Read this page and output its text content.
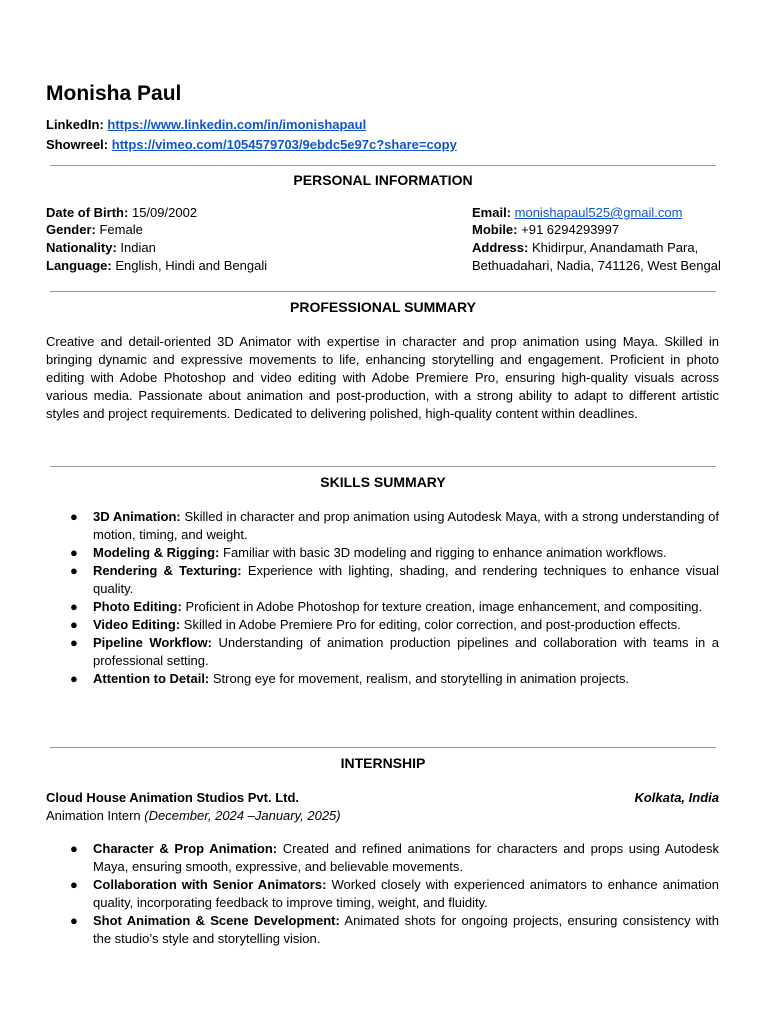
Monisha Paul
LinkedIn: https://www.linkedin.com/in/imonishapaul
Showreel: https://vimeo.com/1054579703/9ebdc5e97c?share=copy
PERSONAL INFORMATION
Date of Birth: 15/09/2002
Gender: Female
Nationality: Indian
Language: English, Hindi and Bengali
Email: monishapaul525@gmail.com
Mobile: +91 6294293997
Address: Khidirpur, Anandamath Para,
Bethuadahari, Nadia, 741126, West Bengal
PROFESSIONAL SUMMARY

Creative and detail-oriented 3D Animator with expertise in character and prop animation using Maya. Skilled in bringing dynamic and expressive movements to life, enhancing storytelling and engagement. Proficient in photo editing with Adobe Photoshop and video editing with Adobe Premiere Pro, ensuring high-quality visuals across various media. Passionate about animation and post-production, with a strong ability to adapt to different artistic styles and project requirements. Dedicated to delivering polished, high-quality content within deadlines.

SKILLS SUMMARY
● 3D Animation: Skilled in character and prop animation using Autodesk Maya, with a strong understanding of motion, timing, and weight.
● Modeling & Rigging: Familiar with basic 3D modeling and rigging to enhance animation workflows.
● Rendering & Texturing: Experience with lighting, shading, and rendering techniques to enhance visual quality.
● Photo Editing: Proficient in Adobe Photoshop for texture creation, image enhancement, and compositing.
● Video Editing: Skilled in Adobe Premiere Pro for editing, color correction, and post-production effects.
● Pipeline Workflow: Understanding of animation production pipelines and collaboration with teams in a professional setting.
● Attention to Detail: Strong eye for movement, realism, and storytelling in animation projects.
INTERNSHIP
Cloud House Animation Studios Pvt. Ltd.	Kolkata, India
Animation Intern (December, 2024 –January, 2025)
● Character & Prop Animation: Created and refined animations for characters and props using Autodesk Maya, ensuring smooth, expressive, and believable movements.
● Collaboration with Senior Animators: Worked closely with experienced animators to enhance animation quality, incorporating feedback to improve timing, weight, and fluidity.
● Shot Animation & Scene Development: Animated shots for ongoing projects, ensuring consistency with the studio’s style and storytelling vision.
